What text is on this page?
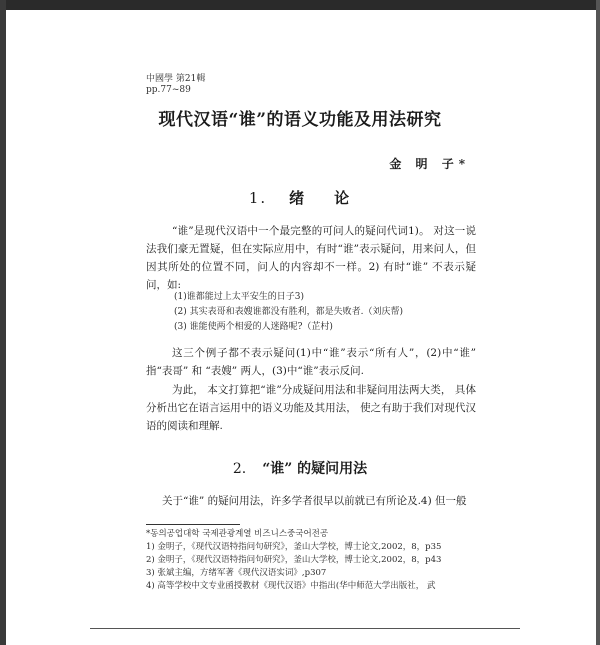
中國學 第21輯
pp.77~89
现代汉语“谁”的语义功能及用法研究
金 明 子*
1. 绪 论
“谁”是现代汉语中一个最完整的可问人的疑问代词1)。 对这一说法我们豪无置疑，但在实际应用中，有时“谁”表示疑问，用来问人，但因其所处的位置不同，问人的内容却不一样。2) 有时“谁” 不表示疑问，如:
(1)谁都能过上太平安生的日子3)
(2) 其实表哥和表嫂谁都没有胜利，都是失败者.（刘庆帮)
(3) 谁能使两个相爱的人迷路呢?（芷村)
这三个例子都不表示疑问(1)中“谁”表示“所有人”，(2)中“谁” 指“表哥” 和 “表嫂” 两人，(3)中“谁”表示反问.
为此， 本文打算把“谁”分成疑问用法和非疑问用法两大类， 具体分析出它在语言运用中的语义功能及其用法， 使之有助于我们对现代汉语的阅读和理解.
2. “谁” 的疑问用法
关于“谁” 的疑问用法，许多学者很早以前就已有所论及.4) 但一般
*동의공업대학 국제관광계열 비즈니스중국어전공
1) 金明子，《现代汉语特指问句研究》，釜山大学校，博士论文,2002，8，p35
2) 金明子，《现代汉语特指问句研究》，釜山大学校，博士论文,2002，8，p43
3) 张斌主编，方绪军著《现代汉语实词》,p307
4) 高等学校中文专业函授教材《现代汉语》中指出(华中师范大学出版社， 武
